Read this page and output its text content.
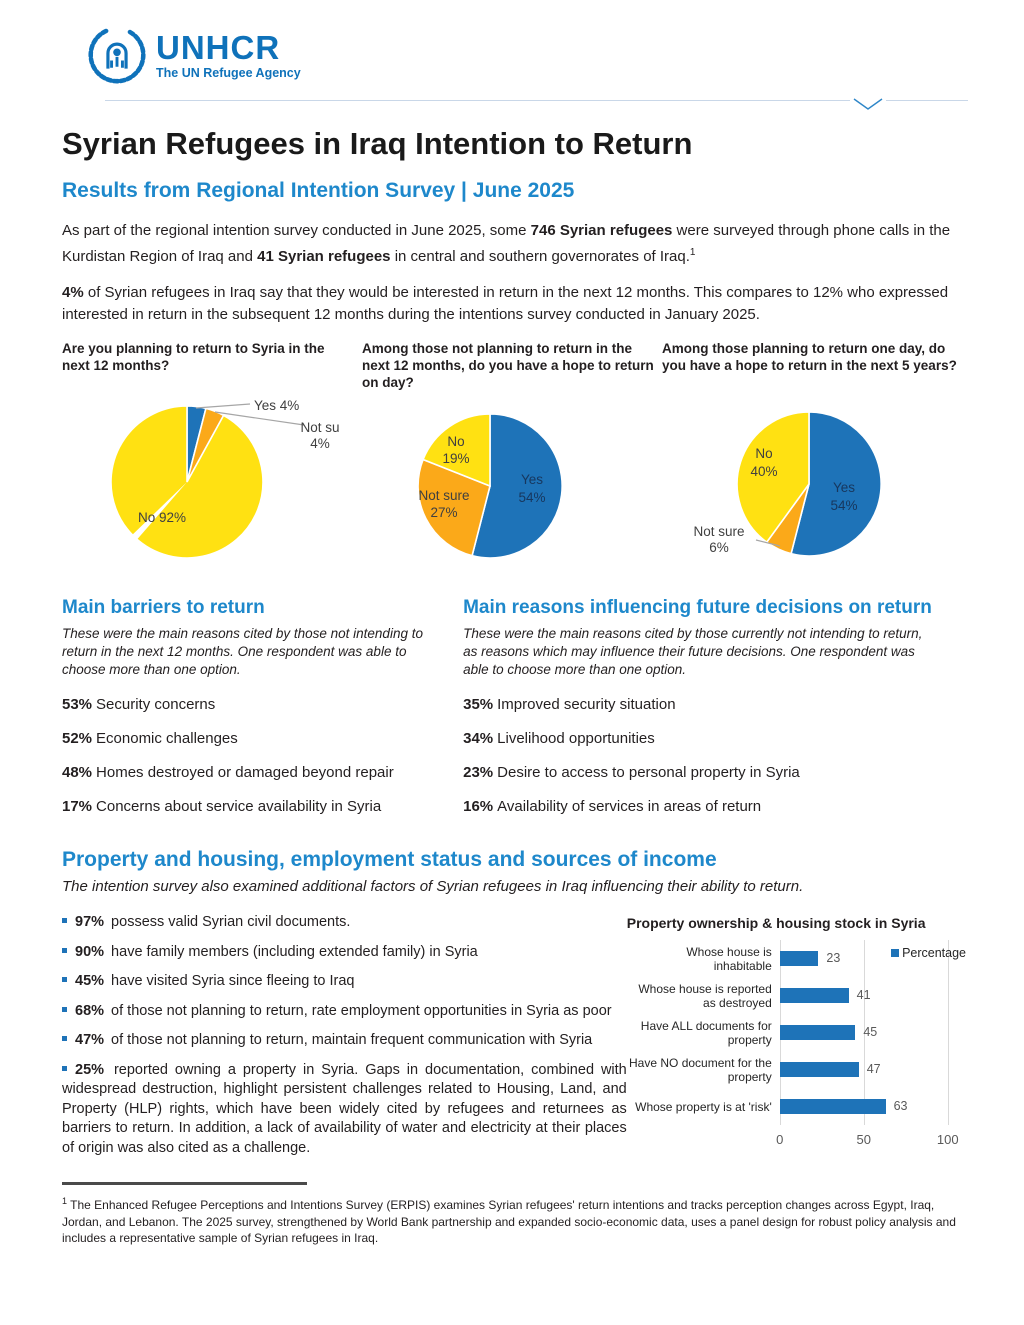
UNHCR
The UN Refugee Agency
Syrian Refugees in Iraq Intention to Return
Results from Regional Intention Survey | June 2025

As part of the regional intention survey conducted in June 2025, some 746 Syrian refugees were surveyed through phone calls in the Kurdistan Region of Iraq and 41 Syrian refugees in central and southern governorates of Iraq.$^1$

4% of Syrian refugees in Iraq say that they would be interested in return in the next 12 months. This compares to 12% who expressed interested in return in the subsequent 12 months during the intentions survey conducted in January 2025.

Are you planning to return to Syria in the next 12 months?
Yes 4%
Not su
4%
No 92%
Among those not planning to return in the next 12 months, do you have a hope to return on day?
Yes
54%
Not sure
27%
No
19%
Among those planning to return one day, do you have a hope to return in the next 5 years?
Yes
54%
Not sure
6%
No
40%
Main barriers to return

These were the main reasons cited by those not intending to return in the next 12 months. One respondent was able to choose more than one option.

53% Security concerns

52% Economic challenges

48% Homes destroyed or damaged beyond repair

17% Concerns about service availability in Syria

Main reasons influencing future decisions on return

These were the main reasons cited by those currently not intending to return, as reasons which may influence their future decisions. One respondent was able to choose more than one option.

35% Improved security situation

34% Livelihood opportunities

23% Desire to access to personal property in Syria

16% Availability of services in areas of return

Property and housing, employment status and sources of income

The intention survey also examined additional factors of Syrian refugees in Iraq influencing their ability to return.

97% possess valid Syrian civil documents.

90% have family members (including extended family) in Syria

45% have visited Syria since fleeing to Iraq

68% of those not planning to return, rate employment opportunities in Syria as poor

47% of those not planning to return, maintain frequent communication with Syria

25% reported owning a property in Syria. Gaps in documentation, combined with widespread destruction, highlight persistent challenges related to Housing, Land, and Property (HLP) rights, which have been widely cited by refugees and returnees as barriers to return. In addition, a lack of availability of water and electricity at their places of origin was also cited as a challenge.

Property ownership & housing stock in Syria
Whose house is inhabitable
23
Whose house is reported as destroyed
41
Have ALL documents for property
45
Have NO document for the property
47
Whose property is at 'risk'	63
Percentage
0	50	100

$^1$ The Enhanced Refugee Perceptions and Intentions Survey (ERPIS) examines Syrian refugees' return intentions and tracks perception changes across Egypt, Iraq, Jordan, and Lebanon. The 2025 survey, strengthened by World Bank partnership and expanded socio-economic data, uses a panel design for robust policy analysis and includes a representative sample of Syrian refugees in Iraq.
